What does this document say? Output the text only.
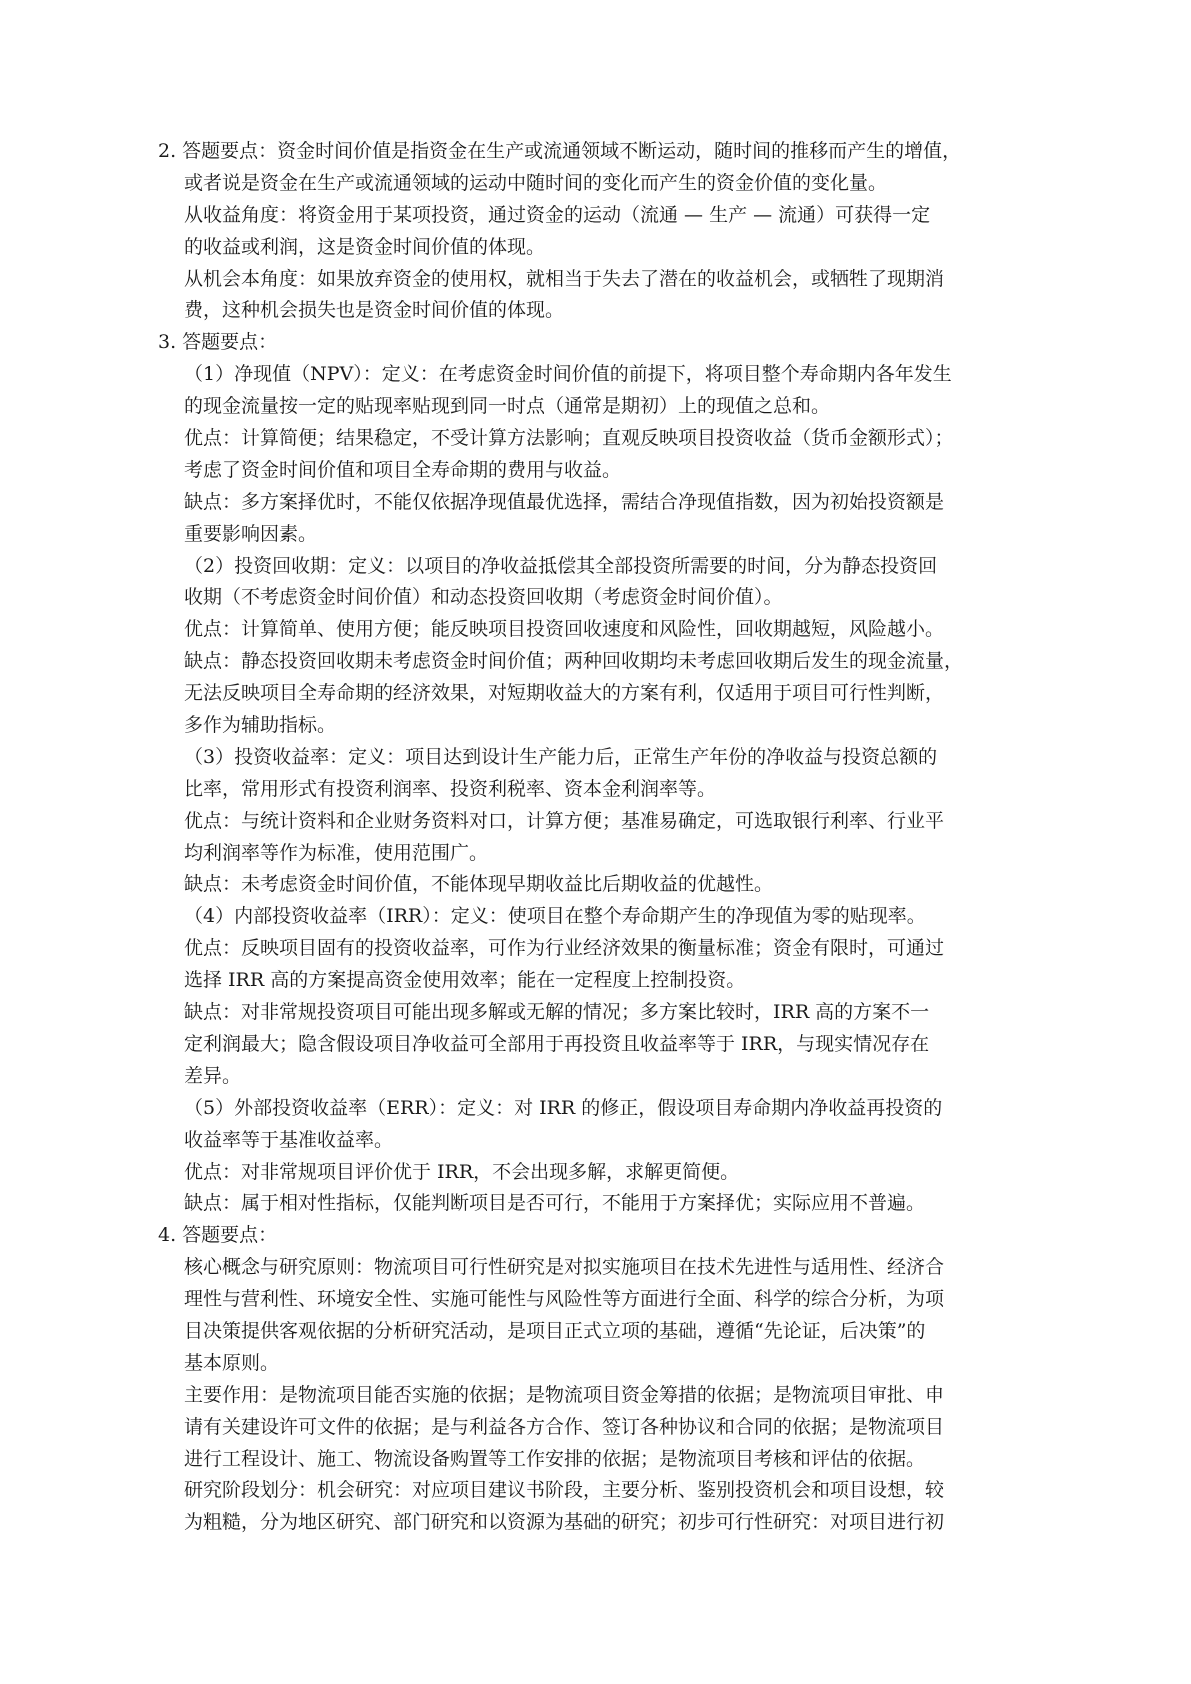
2. 答题要点：资金时间价值是指资金在生产或流通领域不断运动，随时间的推移而产生的增值，
或者说是资金在生产或流通领域的运动中随时间的变化而产生的资金价值的变化量。
从收益角度：将资金用于某项投资，通过资金的运动（流通 — 生产 — 流通）可获得一定
的收益或利润，这是资金时间价值的体现。
从机会本角度：如果放弃资金的使用权，就相当于失去了潜在的收益机会，或牺牲了现期消
费，这种机会损失也是资金时间价值的体现。
3. 答题要点：
（1）净现值（NPV）：定义：在考虑资金时间价值的前提下，将项目整个寿命期内各年发生
的现金流量按一定的贴现率贴现到同一时点（通常是期初）上的现值之总和。
优点：计算简便；结果稳定，不受计算方法影响；直观反映项目投资收益（货币金额形式）；
考虑了资金时间价值和项目全寿命期的费用与收益。
缺点：多方案择优时，不能仅依据净现值最优选择，需结合净现值指数，因为初始投资额是
重要影响因素。
（2）投资回收期：定义：以项目的净收益抵偿其全部投资所需要的时间，分为静态投资回
收期（不考虑资金时间价值）和动态投资回收期（考虑资金时间价值）。
优点：计算简单、使用方便；能反映项目投资回收速度和风险性，回收期越短，风险越小。
缺点：静态投资回收期未考虑资金时间价值；两种回收期均未考虑回收期后发生的现金流量，
无法反映项目全寿命期的经济效果，对短期收益大的方案有利，仅适用于项目可行性判断，
多作为辅助指标。
（3）投资收益率：定义：项目达到设计生产能力后，正常生产年份的净收益与投资总额的
比率，常用形式有投资利润率、投资利税率、资本金利润率等。
优点：与统计资料和企业财务资料对口，计算方便；基准易确定，可选取银行利率、行业平
均利润率等作为标准，使用范围广。
缺点：未考虑资金时间价值，不能体现早期收益比后期收益的优越性。
（4）内部投资收益率（IRR）：定义：使项目在整个寿命期产生的净现值为零的贴现率。
优点：反映项目固有的投资收益率，可作为行业经济效果的衡量标准；资金有限时，可通过
选择 IRR 高的方案提高资金使用效率；能在一定程度上控制投资。
缺点：对非常规投资项目可能出现多解或无解的情况；多方案比较时，IRR 高的方案不一
定利润最大；隐含假设项目净收益可全部用于再投资且收益率等于 IRR，与现实情况存在
差异。
（5）外部投资收益率（ERR）：定义：对 IRR 的修正，假设项目寿命期内净收益再投资的
收益率等于基准收益率。
优点：对非常规项目评价优于 IRR，不会出现多解，求解更简便。
缺点：属于相对性指标，仅能判断项目是否可行，不能用于方案择优；实际应用不普遍。
4. 答题要点：
核心概念与研究原则：物流项目可行性研究是对拟实施项目在技术先进性与适用性、经济合
理性与营利性、环境安全性、实施可能性与风险性等方面进行全面、科学的综合分析，为项
目决策提供客观依据的分析研究活动，是项目正式立项的基础，遵循“先论证，后决策”的
基本原则。
主要作用：是物流项目能否实施的依据；是物流项目资金筹措的依据；是物流项目审批、申
请有关建设许可文件的依据；是与利益各方合作、签订各种协议和合同的依据；是物流项目
进行工程设计、施工、物流设备购置等工作安排的依据；是物流项目考核和评估的依据。
研究阶段划分：机会研究：对应项目建议书阶段，主要分析、鉴别投资机会和项目设想，较
为粗糙，分为地区研究、部门研究和以资源为基础的研究；初步可行性研究：对项目进行初
